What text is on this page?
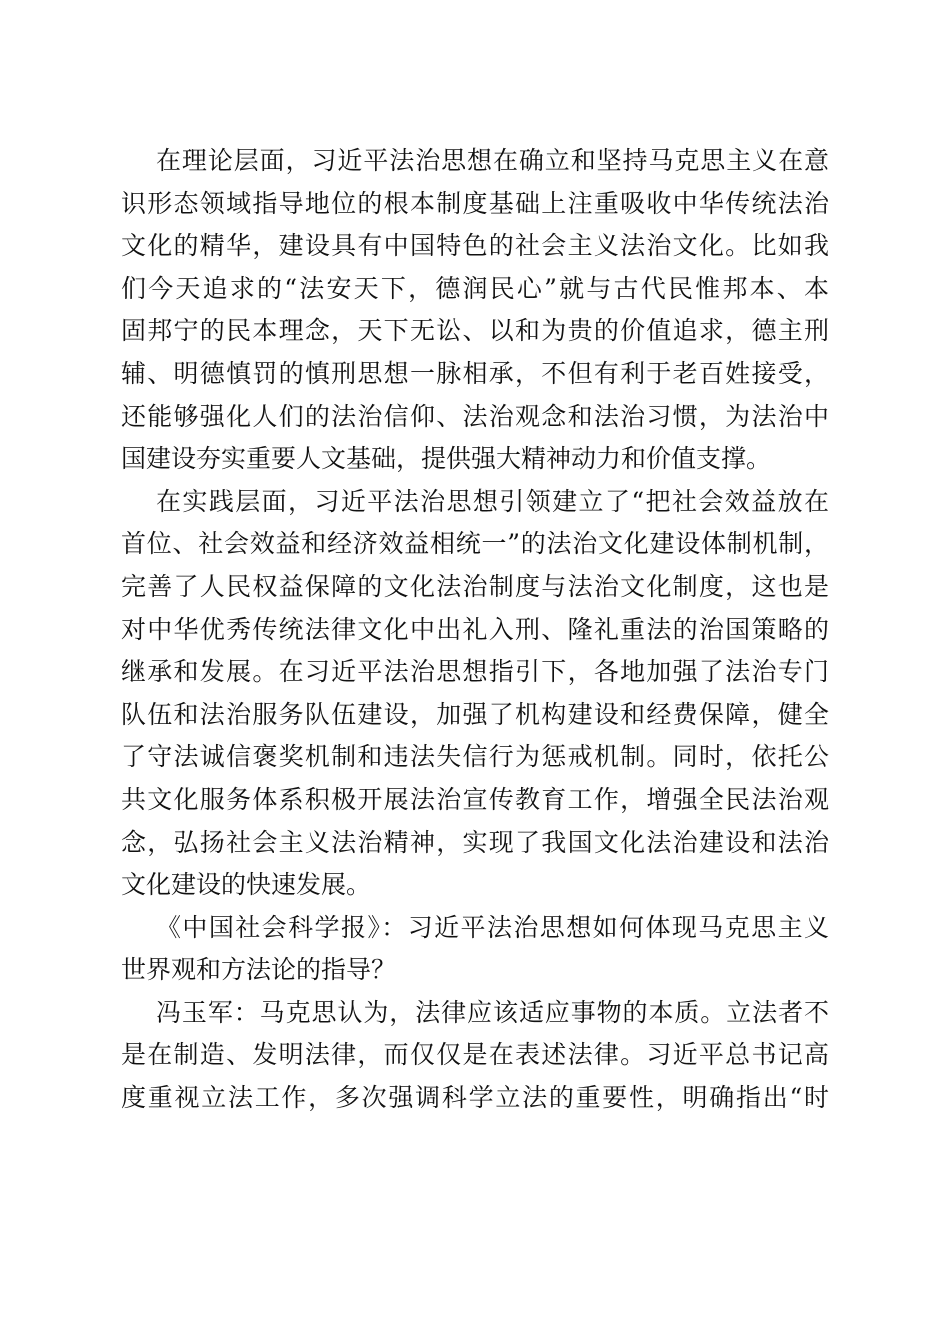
在理论层面，习近平法治思想在确立和坚持马克思主义在意
识形态领域指导地位的根本制度基础上注重吸收中华传统法治
文化的精华，建设具有中国特色的社会主义法治文化。比如我
们今天追求的“法安天下，德润民心”就与古代民惟邦本、本
固邦宁的民本理念，天下无讼、以和为贵的价值追求，德主刑
辅、明德慎罚的慎刑思想一脉相承，不但有利于老百姓接受，
还能够强化人们的法治信仰、法治观念和法治习惯，为法治中
国建设夯实重要人文基础，提供强大精神动力和价值支撑。
在实践层面，习近平法治思想引领建立了“把社会效益放在
首位、社会效益和经济效益相统一”的法治文化建设体制机制，
完善了人民权益保障的文化法治制度与法治文化制度，这也是
对中华优秀传统法律文化中出礼入刑、隆礼重法的治国策略的
继承和发展。在习近平法治思想指引下，各地加强了法治专门
队伍和法治服务队伍建设，加强了机构建设和经费保障，健全
了守法诚信褒奖机制和违法失信行为惩戒机制。同时，依托公
共文化服务体系积极开展法治宣传教育工作，增强全民法治观
念，弘扬社会主义法治精神，实现了我国文化法治建设和法治
文化建设的快速发展。
《中国社会科学报》：习近平法治思想如何体现马克思主义
世界观和方法论的指导？
冯玉军：马克思认为，法律应该适应事物的本质。立法者不
是在制造、发明法律，而仅仅是在表述法律。习近平总书记高
度重视立法工作，多次强调科学立法的重要性，明确指出“时
